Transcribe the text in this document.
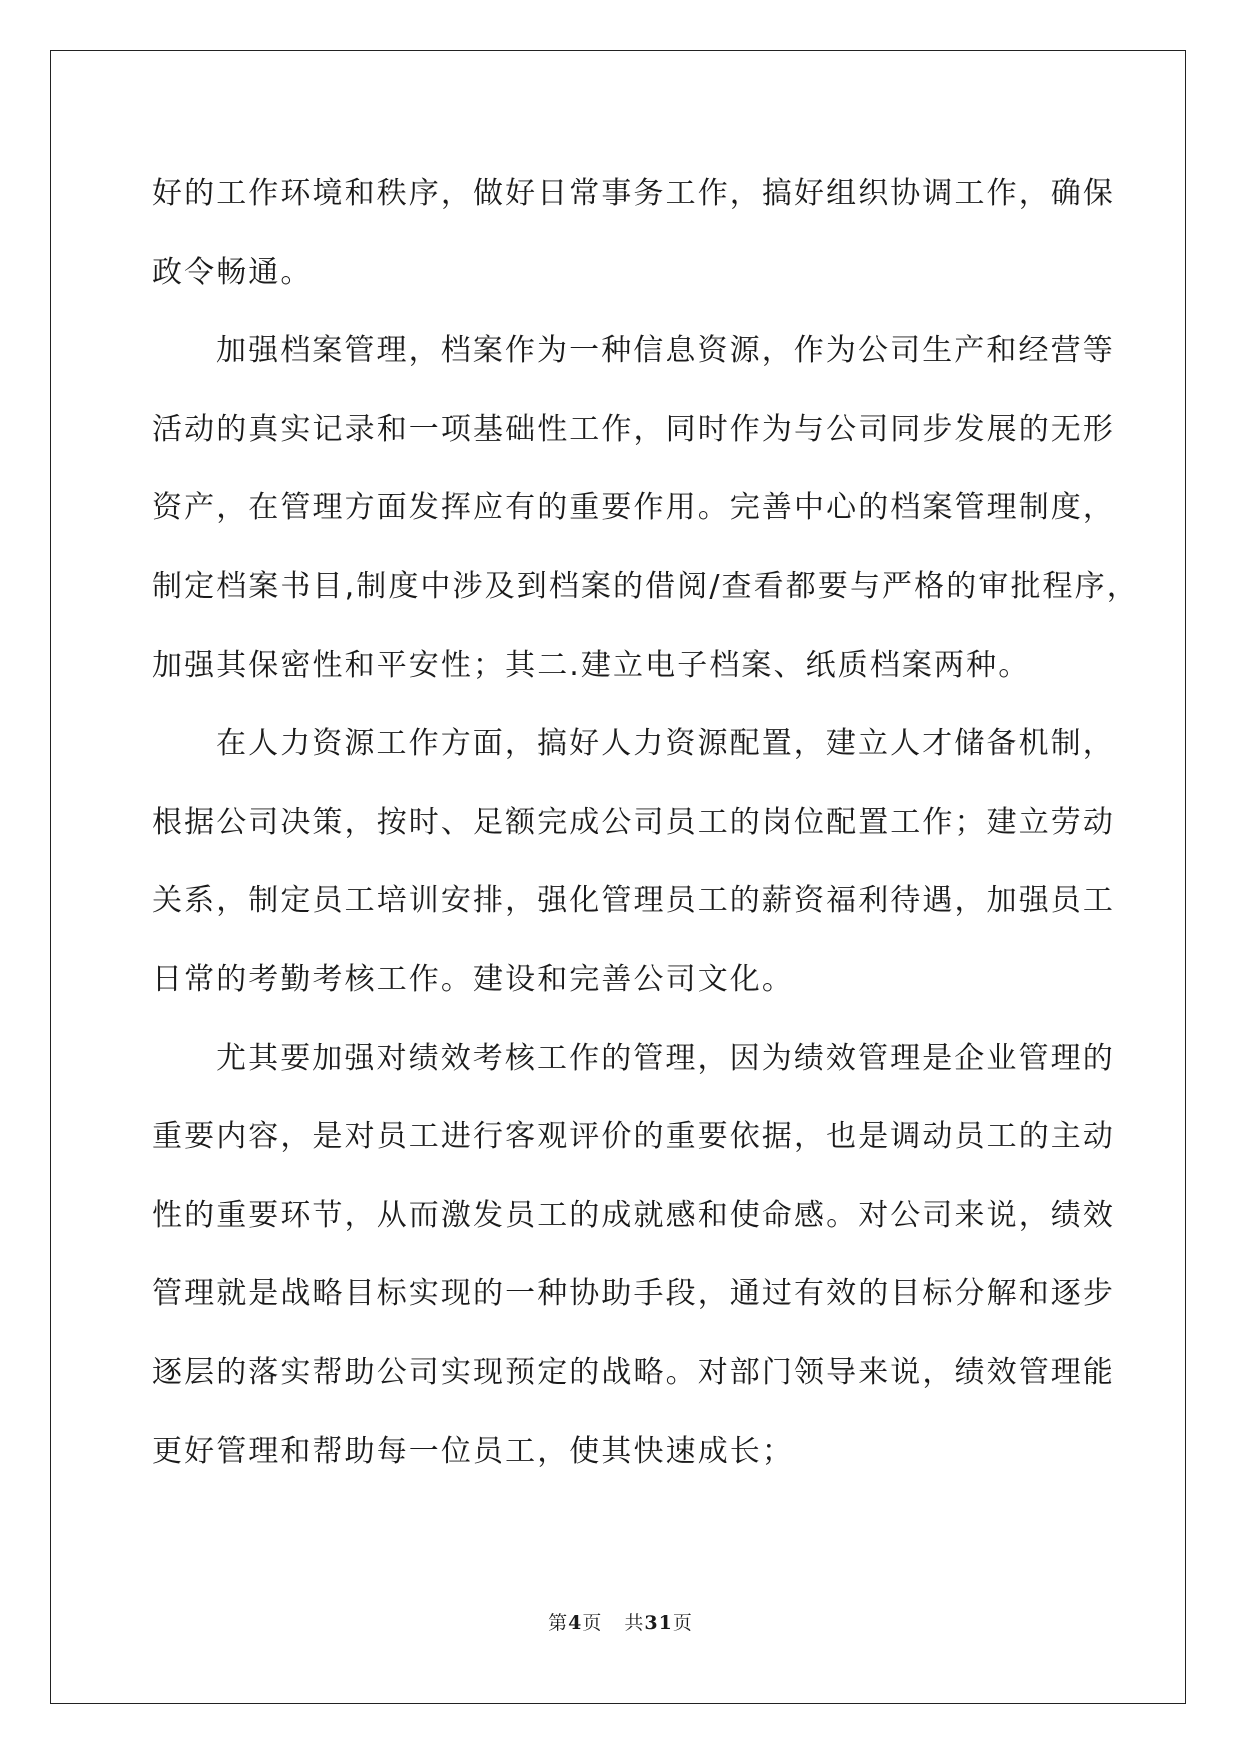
好的工作环境和秩序，做好日常事务工作，搞好组织协调工作，确保
政令畅通。
加强档案管理，档案作为一种信息资源，作为公司生产和经营等
活动的真实记录和一项基础性工作，同时作为与公司同步发展的无形
资产，在管理方面发挥应有的重要作用。完善中心的档案管理制度，
制定档案书目,制度中涉及到档案的借阅/查看都要与严格的审批程序，
加强其保密性和平安性；其二.建立电子档案、纸质档案两种。
在人力资源工作方面，搞好人力资源配置，建立人才储备机制，
根据公司决策，按时、足额完成公司员工的岗位配置工作；建立劳动
关系，制定员工培训安排，强化管理员工的薪资福利待遇，加强员工
日常的考勤考核工作。建设和完善公司文化。
尤其要加强对绩效考核工作的管理，因为绩效管理是企业管理的
重要内容，是对员工进行客观评价的重要依据，也是调动员工的主动
性的重要环节，从而激发员工的成就感和使命感。对公司来说，绩效
管理就是战略目标实现的一种协助手段，通过有效的目标分解和逐步
逐层的落实帮助公司实现预定的战略。对部门领导来说，绩效管理能
更好管理和帮助每一位员工，使其快速成长；
第4页 共31页
